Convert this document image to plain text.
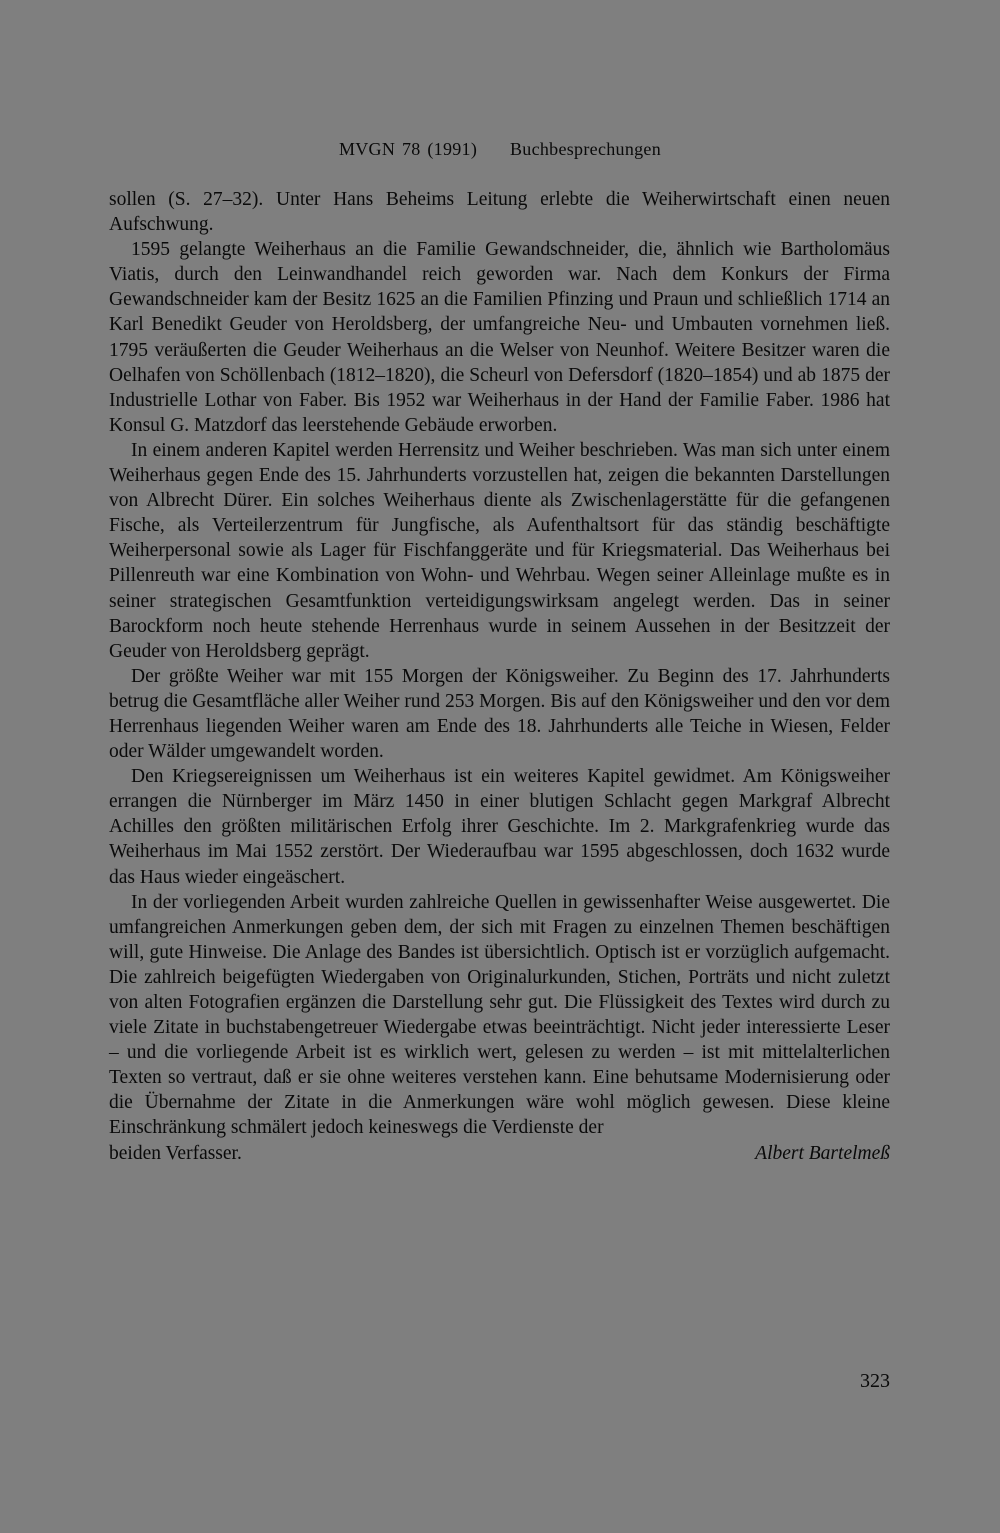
MVGN 78 (1991) Buchbesprechungen

sollen (S. 27–32). Unter Hans Beheims Leitung erlebte die Weiherwirtschaft einen neuen Aufschwung.

1595 gelangte Weiherhaus an die Familie Gewandschneider, die, ähnlich wie Bartholomäus Viatis, durch den Leinwandhandel reich geworden war. Nach dem Konkurs der Firma Gewandschneider kam der Besitz 1625 an die Familien Pfinzing und Praun und schließlich 1714 an Karl Benedikt Geuder von Heroldsberg, der umfangreiche Neu- und Umbauten vornehmen ließ. 1795 veräußerten die Geuder Weiherhaus an die Welser von Neunhof. Weitere Besitzer waren die Oelhafen von Schöllenbach (1812–1820), die Scheurl von Defersdorf (1820–1854) und ab 1875 der Industrielle Lothar von Faber. Bis 1952 war Weiherhaus in der Hand der Familie Faber. 1986 hat Konsul G. Matzdorf das leerstehende Gebäude erworben.

In einem anderen Kapitel werden Herrensitz und Weiher beschrieben. Was man sich unter einem Weiherhaus gegen Ende des 15. Jahrhunderts vorzustellen hat, zeigen die bekannten Darstellungen von Albrecht Dürer. Ein solches Weiherhaus diente als Zwischenlagerstätte für die gefangenen Fische, als Verteilerzentrum für Jungfische, als Aufenthaltsort für das ständig beschäftigte Weiherpersonal sowie als Lager für Fischfanggeräte und für Kriegsmaterial. Das Weiherhaus bei Pillenreuth war eine Kombination von Wohn- und Wehrbau. Wegen seiner Alleinlage mußte es in seiner strategischen Gesamtfunktion verteidigungswirksam angelegt werden. Das in seiner Barockform noch heute stehende Herrenhaus wurde in seinem Aussehen in der Besitzzeit der Geuder von Heroldsberg geprägt.

Der größte Weiher war mit 155 Morgen der Königsweiher. Zu Beginn des 17. Jahrhunderts betrug die Gesamtfläche aller Weiher rund 253 Morgen. Bis auf den Königsweiher und den vor dem Herrenhaus liegenden Weiher waren am Ende des 18. Jahrhunderts alle Teiche in Wiesen, Felder oder Wälder umgewandelt worden.

Den Kriegsereignissen um Weiherhaus ist ein weiteres Kapitel gewidmet. Am Königsweiher errangen die Nürnberger im März 1450 in einer blutigen Schlacht gegen Markgraf Albrecht Achilles den größten militärischen Erfolg ihrer Geschichte. Im 2. Markgrafenkrieg wurde das Weiherhaus im Mai 1552 zerstört. Der Wiederaufbau war 1595 abgeschlossen, doch 1632 wurde das Haus wieder eingeäschert.

In der vorliegenden Arbeit wurden zahlreiche Quellen in gewissenhafter Weise ausgewertet. Die umfangreichen Anmerkungen geben dem, der sich mit Fragen zu einzelnen Themen beschäftigen will, gute Hinweise. Die Anlage des Bandes ist übersichtlich. Optisch ist er vorzüglich aufgemacht. Die zahlreich beigefügten Wiedergaben von Originalurkunden, Stichen, Porträts und nicht zuletzt von alten Fotografien ergänzen die Darstellung sehr gut. Die Flüssigkeit des Textes wird durch zu viele Zitate in buchstabengetreuer Wiedergabe etwas beeinträchtigt. Nicht jeder interessierte Leser – und die vorliegende Arbeit ist es wirklich wert, gelesen zu werden – ist mit mittelalterlichen Texten so vertraut, daß er sie ohne weiteres verstehen kann. Eine behutsame Modernisierung oder die Übernahme der Zitate in die Anmerkungen wäre wohl möglich gewesen. Diese kleine Einschränkung schmälert jedoch keineswegs die Verdienste der

beiden Verfasser.	Albert Bartelmeß
323
